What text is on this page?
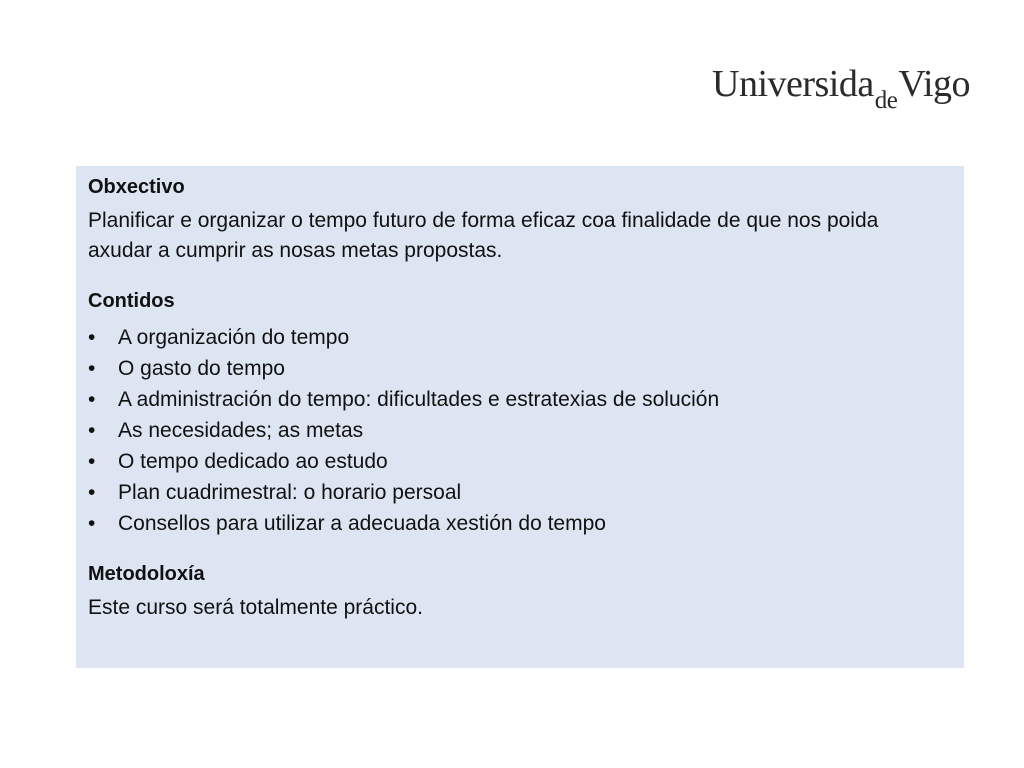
UniversidadeVigo

Obxectivo

Planificar e organizar o tempo futuro de forma eficaz coa finalidade de que nos poida axudar a cumprir as nosas metas propostas.

Contidos

• A organización do tempo
• O gasto do tempo
• A administración do tempo: dificultades e estratexias de solución
• As necesidades; as metas
• O tempo dedicado ao estudo
• Plan cuadrimestral: o horario persoal
• Consellos para utilizar a adecuada xestión do tempo

Metodoloxía

Este curso será totalmente práctico.
